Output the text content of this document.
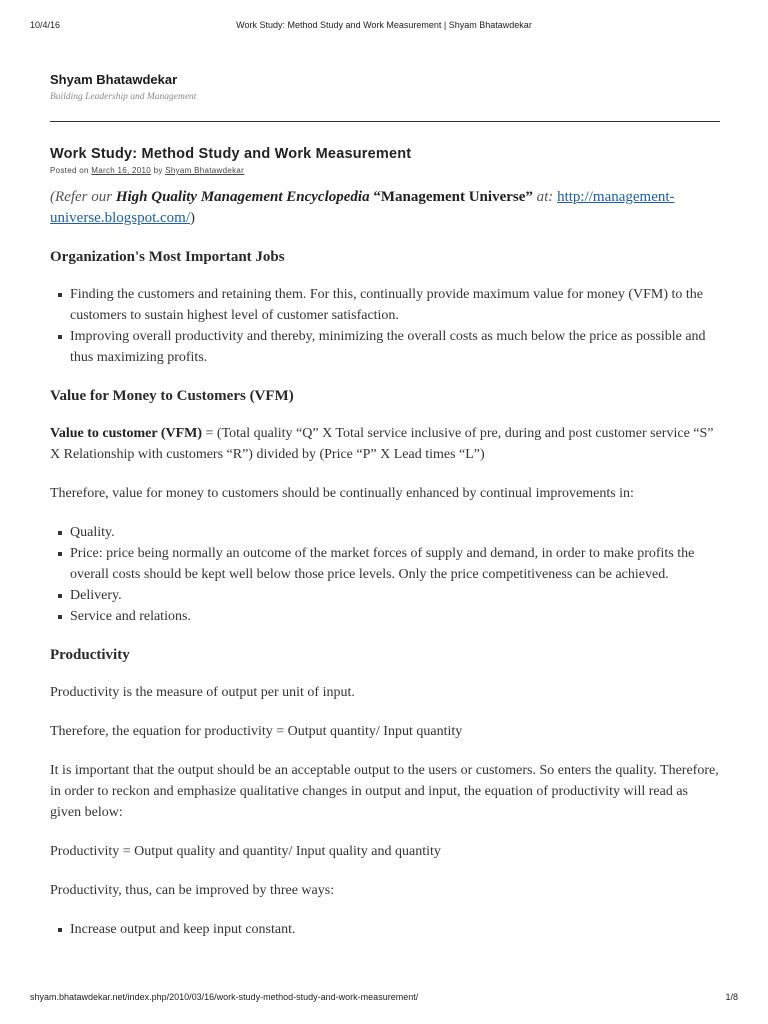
10/4/16	Work Study: Method Study and Work Measurement | Shyam Bhatawdekar
Shyam Bhatawdekar
Building Leadership and Management
Work Study: Method Study and Work Measurement
Posted on March 16, 2010 by Shyam Bhatawdekar

(Refer our High Quality Management Encyclopedia “Management Universe” at: http://management-universe.blogspot.com/)

Organization's Most Important Jobs
Finding the customers and retaining them. For this, continually provide maximum value for money (VFM) to the customers to sustain highest level of customer satisfaction.
Improving overall productivity and thereby, minimizing the overall costs as much below the price as possible and thus maximizing profits.
Value for Money to Customers (VFM)

Value to customer (VFM) = (Total quality “Q” X Total service inclusive of pre, during and post customer service “S” X Relationship with customers “R”) divided by (Price “P” X Lead times “L”)

Therefore, value for money to customers should be continually enhanced by continual improvements in:

Quality.
Price: price being normally an outcome of the market forces of supply and demand, in order to make profits the overall costs should be kept well below those price levels. Only the price competitiveness can be achieved.
Delivery.
Service and relations.
Productivity

Productivity is the measure of output per unit of input.

Therefore, the equation for productivity = Output quantity/ Input quantity

It is important that the output should be an acceptable output to the users or customers. So enters the quality. Therefore, in order to reckon and emphasize qualitative changes in output and input, the equation of productivity will read as given below:

Productivity = Output quality and quantity/ Input quality and quantity

Productivity, thus, can be improved by three ways:

Increase output and keep input constant.
shyam.bhatawdekar.net/index.php/2010/03/16/work-study-method-study-and-work-measurement/	1/8
